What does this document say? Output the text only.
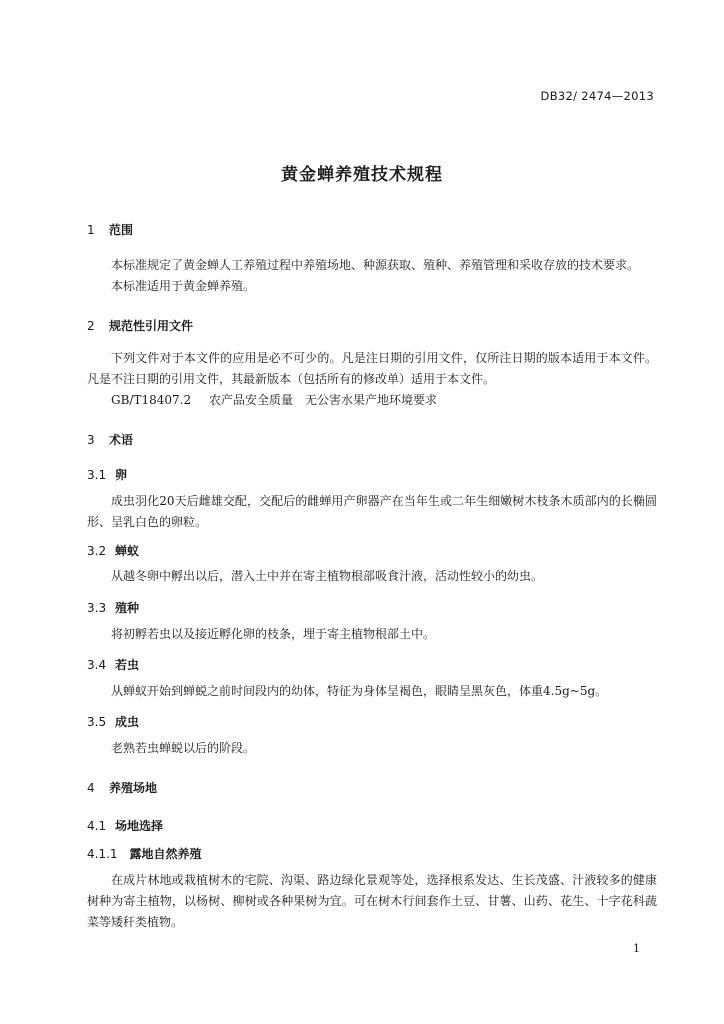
DB32/ 2474—2013
黄金蝉养殖技术规程
1 范围
本标准规定了黄金蝉人工养殖过程中养殖场地、种源获取、殖种、养殖管理和采收存放的技术要求。
本标准适用于黄金蝉养殖。
2 规范性引用文件
下列文件对于本文件的应用是必不可少的。凡是注日期的引用文件，仅所注日期的版本适用于本文件。凡是不注日期的引用文件，其最新版本（包括所有的修改单）适用于本文件。
GB/T18407.2 农产品安全质量　无公害水果产地环境要求
3 术语
3.1 卵
成虫羽化20天后雌雄交配，交配后的雌蝉用产卵器产在当年生或二年生细嫩树木枝条木质部内的长椭圆形、呈乳白色的卵粒。
3.2 蝉蚁
从越冬卵中孵出以后，潜入土中并在寄主植物根部吸食汁液，活动性较小的幼虫。
3.3 殖种
将初孵若虫以及接近孵化卵的枝条，埋于寄主植物根部土中。
3.4 若虫
从蝉蚁开始到蝉蜕之前时间段内的幼体，特征为身体呈褐色，眼睛呈黑灰色，体重4.5g~5g。
3.5 成虫
老熟若虫蝉蜕以后的阶段。
4 养殖场地
4.1 场地选择
4.1.1 露地自然养殖
在成片林地或栽植树木的宅院、沟渠、路边绿化景观等处，选择根系发达、生长茂盛、汁液较多的健康树种为寄主植物，以杨树、柳树或各种果树为宜。可在树木行间套作土豆、甘薯、山药、花生、十字花科蔬菜等矮秆类植物。
1
